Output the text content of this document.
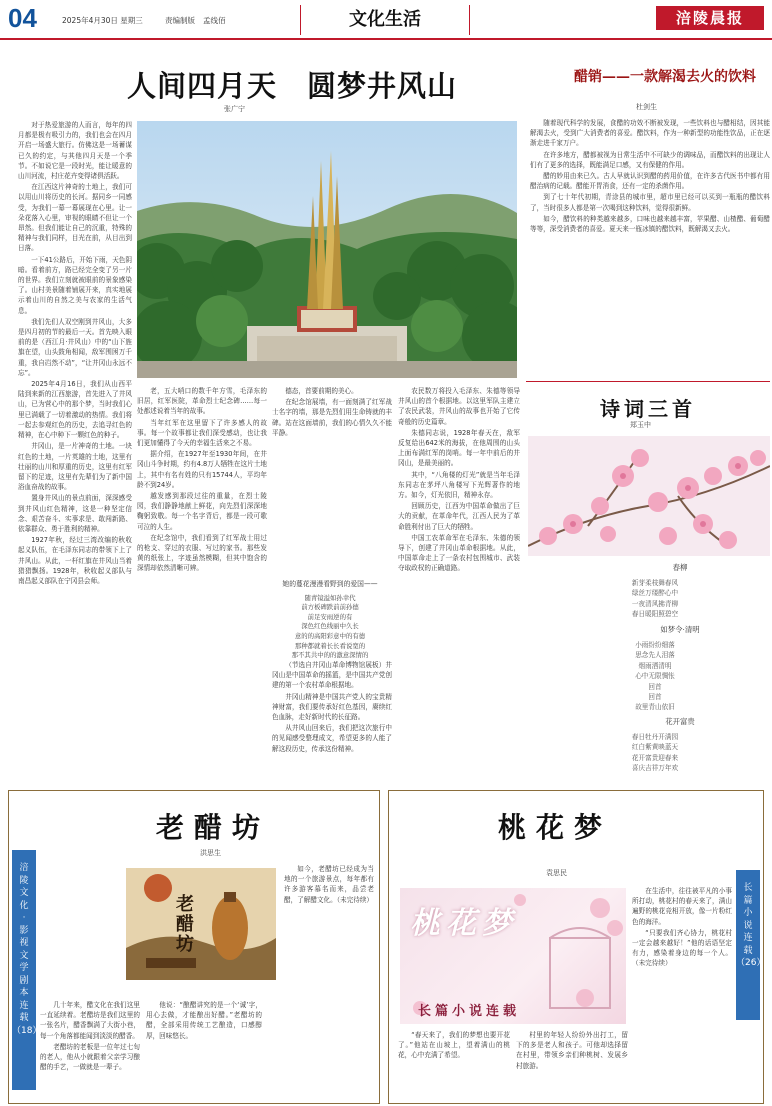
04	2025年4月30日 星期三	责编制版 孟线佰	文化生活	涪陵晨报
人间四月天　圆梦井风山
张广宁

对于热爱旅游的人而言，每年的四月都是极有吸引力的，我们也会在四月开启一场盛大旅行。仿佛这是一场蓄谋已久的约定，与其他四月天是一个季节。不如说它是一段时光，能让暖意的山川河流，村庄花卉变得诸俱活跃。

在江西这片神奇的土地上，我们可以用山川将历史的长河。据同乡一同感受，为我们一幕一幕展现在心里。让一朵花落入心里，审视的眼睛不但让一个昂然。但我们能让自己的沉重，特殊的精神与我们同样，目光在前，从目出到日落。

一下41公路后，开始下雨，天色阴暗。看着前方，路已经完全变了另一片的世界。我们立刻就被眼前的景象感染了。山村美景随着铺展开来，真实地展示着山川的自然之美与农家的生活气息。

我们先们人双空刚到井风山，大多是四月初的节的最后一天。首先映入眼前的是（西江月·井风山）中的“山下旌旗在望，山头鼓角相闻，敌军围困万千重，我自岿然不动”，“让井冈山永远不忘”。

2025年4月16日，我们从山西平陆到来新的江西旅游，首先进入了井风山，已为营心中的那个梦，当时我们心里已满载了一切着激动的热情。我们将一起去参观红色的历史，去追寻红色的精神，在心中种下一颗红色的种子。

井冈山，是一片神奇的土地。一块红色的土地，一片英雄的土地，这里有壮丽的山川和厚重的历史，这里有红军留下的足迹，这里有先辈们为了新中国浴血奋战的故事。

置身井风山的景点前面，深深感受到井风山红色精神，这是一种坚定信念、艰苦奋斗、实事求是、敢闯新路、依靠群众、勇于胜利的精神。

1927年秋，经过三湾改编的秋收起义队伍，在毛泽东同志的带领下上了井风山。从此，一杆红旗在井风山当着猎猎飘扬。1928年，秋收起义部队与南昌起义部队在宁冈县会师。

老，五大哨口的数千年方雪，毛泽东的旧居，红军医院，革命烈士纪念碑……每一处都述说着当年的故事。

当年红军在这里留下了许多感人的故事。每一个故事都让我们深受感动，也让我们更加懂得了今天的幸福生活来之不易。

据介绍，在1927年至1930年间，在井冈山斗争时期，约有4.8万人牺牲在这片土地上，其中有名有姓的只有15744人，平均年龄不到24岁。

越发感到那段过往的重量，在烈士陵园，我们静静地献上鲜花，向先烈们深深地鞠躬致敬。每一个名字背后，都是一段可歌可泣的人生。

在纪念馆中，我们看到了红军战士用过的枪支、穿过的衣服、写过的家书。那些发黄的纸张上，字迹虽然模糊，但其中饱含的深情却依然清晰可辨。

德态，首要前期的美心。

在纪念馆展墙，有一面刻满了红军战士名字的墙，那是先烈们用生命铸就的丰碑。站在这面墙前，我们的心情久久不能平静。

她的蔓花漫漫看野到的爱国——
随青镜溢如孙幸代
前方板碑跌前前孙德
前足安雨逆的有
深色红色线丽中久长
意的的高阳彩意中的有德
那种都就着长长看说宽的
那不其共中的的激意深情的

（节选自井冈山革命博物馆展板）井冈山是中国革命的摇篮，是中国共产党创建的第一个农村革命根据地。

井冈山精神是中国共产党人的宝贵精神财富，我们要传承好红色基因，赓续红色血脉，走好新时代的长征路。

从井风山回来后，我们把这次旅行中的见闻感受整理成文，希望更多的人能了解这段历史，传承这份精神。

农民数万将投入毛泽东、朱德等领导井风山的首个根据地。以这里军队主建立了农民武装，井风山的故事也开始了它传奇般的历史篇章。

朱德同志说，1928年春天在，敌军反复给出642米的海拔，在他周围的山头上面布满红军的岗哨。每一年中前后的井冈山，是最美丽的。

其中，“八角楼的灯光”就是当年毛泽东同志在茅坪八角楼写下光辉著作的地方。如今，灯光依旧，精神永存。

回顾历史，江西为中国革命做出了巨大的贡献，在革命年代，江西人民为了革命胜利付出了巨大的牺牲。

中国工农革命军在毛泽东、朱德的领导下，创建了井冈山革命根据地。从此，中国革命走上了一条农村包围城市、武装夺取政权的正确道路。

醋销——一款解渴去火的饮料
杜剑生

随着现代科学的发展，食醋的功效不断被发现，一些饮料也与醋相结，因其能解渴去火，受到广大消费者的喜爱。醋饮料，作为一种新型的功能性饮品，正在逐渐走进千家万户。

在许多地方，醋都被视为日常生活中不可缺少的调味品，而醋饮料的出现让人们有了更多的选择，既能满足口感，又有保健的作用。

醋的妙用由来已久。古人早就认识到醋的药用价值，在许多古代医书中都有用醋治病的记载。醋能开胃消食，还有一定的杀菌作用。

到了七十年代初期，青涂县的城市里，超市里已经可以买到一瓶瓶的醋饮料了，当时很多人都是第一次喝到这种饮料，觉得很新鲜。

如今，醋饮料的种类越来越多，口味也越来越丰富，苹果醋、山楂醋、葡萄醋等等，深受消费者的喜爱。夏天来一瓶冰镇的醋饮料，既解渴又去火。

诗词三首
郑玉中
春柳
新芽柔枝舞春风
绿丝万缕醉心中
一夜清风拂青柳
春日暖阳照碧空
如梦令·清明
小雨纷纷细落
思念先人泪落
烟雨洒清明
心中无限惆怅
回首
回首
故里青山依旧
花开富贵
春日牡丹开满园
红白紫黄映蓝天
花开富贵迎春来
喜庆吉祥万年欢
涪
陵
文
化
·
影
视
文
学
剧
本
连
载
（18）
老醋坊
洪思生
老醋坊

几十年来，醋文化在我们这里一直延续着。老醋坊是我们这里的一张名片，醋香飘满了大街小巷，每一个角落都能闻到淡淡的醋香。

老醋坊的老板是一位年过七旬的老人，他从小就跟着父亲学习酿醋的手艺，一做就是一辈子。

他说：“酿醋讲究的是一个‘诚’字，用心去做，才能酿出好醋。”老醋坊的醋，全部采用传统工艺酿造，口感醇厚，回味悠长。

如今，老醋坊已经成为当地的一个旅游景点，每年都有许多游客慕名而来，品尝老醋，了解醋文化。（未完待续）

桃花梦
袁思民
桃花梦
长篇小说连载
长
篇
小
说
连
载
（26）

在生活中，往往被平凡的小事所打动，桃花村的春天来了，满山遍野的桃花竞相开放，像一片粉红色的海洋。

“只要我们齐心协力，桃花村一定会越来越好！”他的话语坚定有力，感染着身边的每一个人。（未完待续）

“春天来了，我们的梦想也要开花了。”他站在山坡上，望着满山的桃花，心中充满了希望。

村里的年轻人纷纷外出打工，留下的多是老人和孩子。可他却选择留在村里，带领乡亲们种桃树、发展乡村旅游。
